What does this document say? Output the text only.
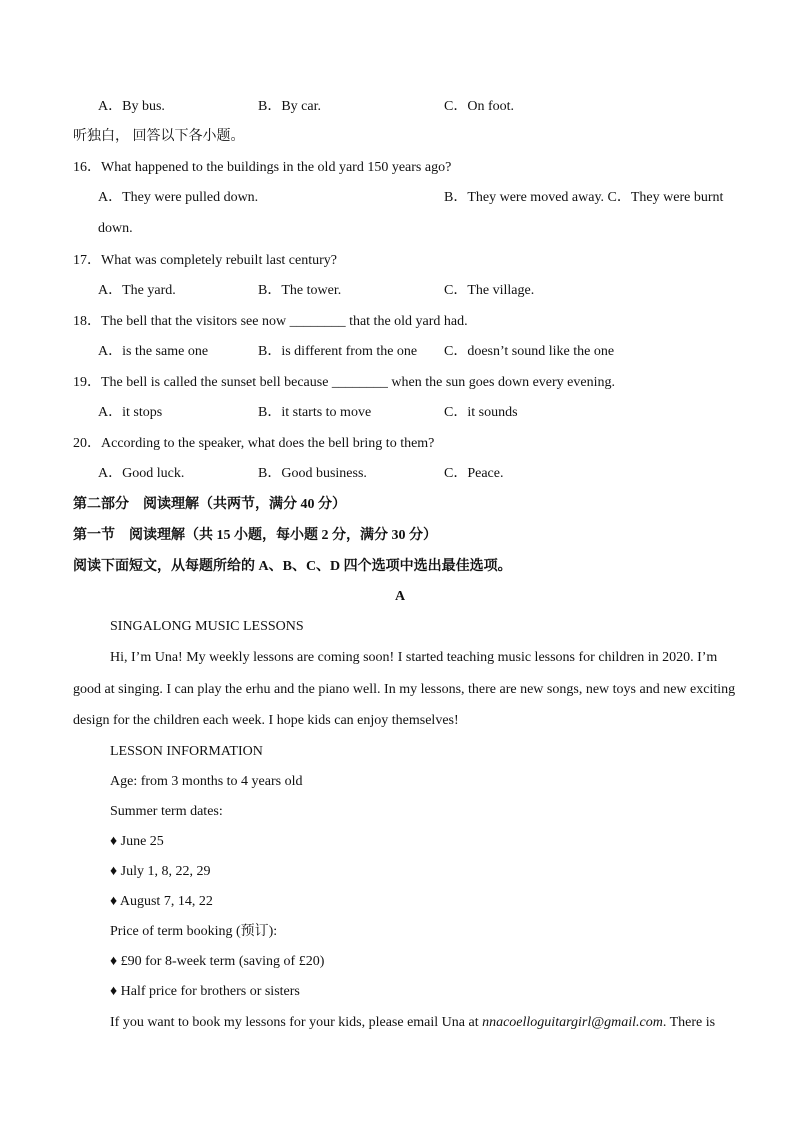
A．By bus.	B．By car.	C．On foot.
听独白， 回答以下各小题。
16．What happened to the buildings in the old yard 150 years ago?
A．They were pulled down.	B．They were moved away. C．They were burnt
down.
17．What was completely rebuilt last century?
A．The yard.	B．The tower.	C．The village.
18．The bell that the visitors see now ________ that the old yard had.
A．is the same one	B．is different from the one C．doesn’t sound like the one
19．The bell is called the sunset bell because ________ when the sun goes down every evening.
A．it stops	B．it starts to move	C．it sounds
20．According to the speaker, what does the bell bring to them?
A．Good luck.	B．Good business.	C．Peace.
第二部分　阅读理解（共两节，满分 40 分）
第一节　阅读理解（共 15 小题，每小题 2 分，满分 30 分）
阅读下面短文，从每题所给的 A、B、C、D 四个选项中选出最佳选项。
A
SINGALONG MUSIC LESSONS
Hi, I’m Una! My weekly lessons are coming soon! I started teaching music lessons for children in 2020. I’m
good at singing. I can play the erhu and the piano well. In my lessons, there are new songs, new toys and new exciting
design for the children each week. I hope kids can enjoy themselves!
LESSON INFORMATION
Age: from 3 months to 4 years old
Summer term dates:
♦ June 25
♦ July 1, 8, 22, 29
♦ August 7, 14, 22
Price of term booking (预订):
♦ £90 for 8-week term (saving of £20)
♦ Half price for brothers or sisters
If you want to book my lessons for your kids, please email Una at nnacoelloguitargirl@gmail.com. There is
